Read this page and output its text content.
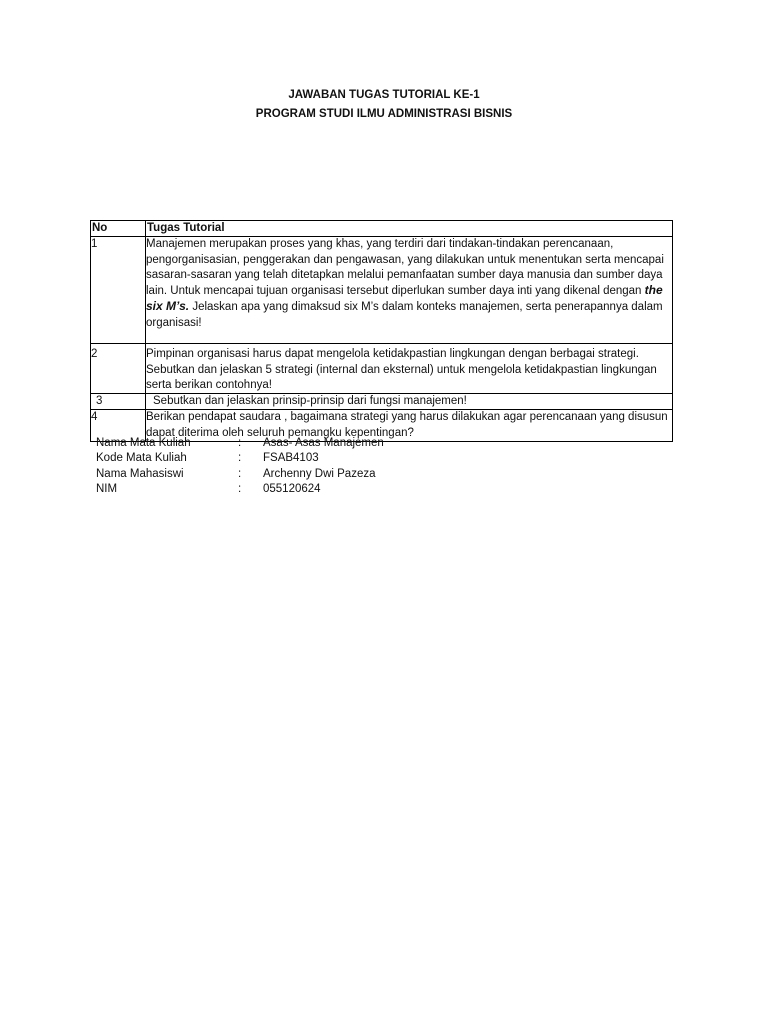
JAWABAN TUGAS TUTORIAL KE-1
PROGRAM STUDI ILMU ADMINISTRASI BISNIS
No	Tugas Tutorial
1	Manajemen merupakan proses yang khas, yang terdiri dari tindakan-tindakan perencanaan, pengorganisasian, penggerakan dan pengawasan, yang dilakukan untuk menentukan serta mencapai sasaran-sasaran yang telah ditetapkan melalui pemanfaatan sumber daya manusia dan sumber daya lain. Untuk mencapai tujuan organisasi tersebut diperlukan sumber daya inti yang dikenal dengan the six M’s. Jelaskan apa yang dimaksud six M’s dalam konteks manajemen, serta penerapannya dalam organisasi!
2	Pimpinan organisasi harus dapat mengelola ketidakpastian lingkungan dengan berbagai strategi. Sebutkan dan jelaskan 5 strategi (internal dan eksternal) untuk mengelola ketidakpastian lingkungan serta berikan contohnya!
3	Sebutkan dan jelaskan prinsip-prinsip dari fungsi manajemen!
4	Berikan pendapat saudara , bagaimana strategi yang harus dilakukan agar perencanaan yang disusun dapat diterima oleh seluruh pemangku kepentingan?
Nama Mata Kuliah	:	Asas- Asas Manajemen
Kode Mata Kuliah	:	FSAB4103
Nama Mahasiswi	:	Archenny Dwi Pazeza
NIM	:	055120624
